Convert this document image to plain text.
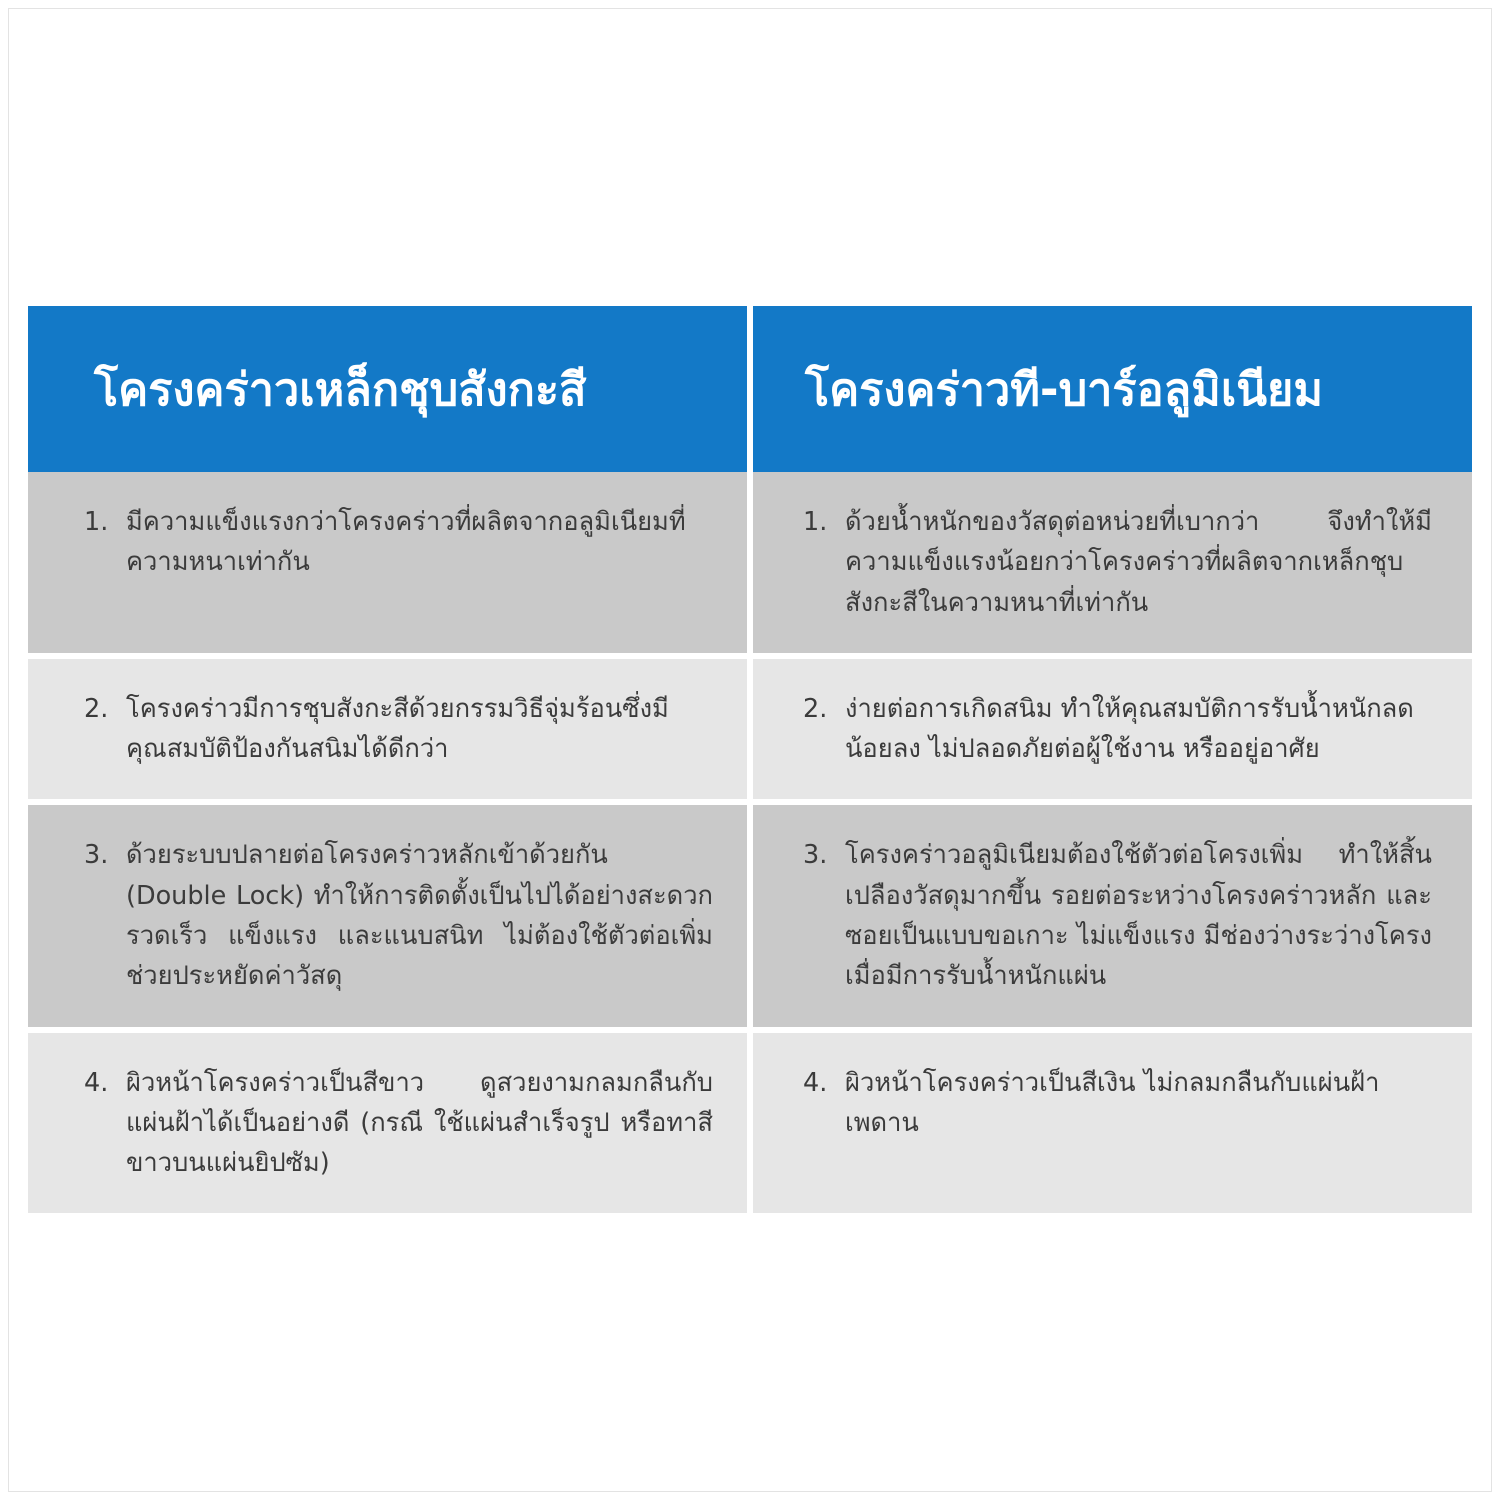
โครงคร่าวเหล็กชุบสังกะสี	โครงคร่าวที-บาร์อลูมิเนียม

1. มีความแข็งแรงกว่าโครงคร่าวที่ผลิตจากอลูมิเนียมที่ความหนาเท่ากัน	1. ด้วยน้ำหนักของวัสดุต่อหน่วยที่เบากว่า จึงทำให้มีความแข็งแรงน้อยกว่าโครงคร่าวที่ผลิตจากเหล็กชุบสังกะสีในความหนาที่เท่ากัน

2. โครงคร่าวมีการชุบสังกะสีด้วยกรรมวิธีจุ่มร้อนซึ่งมีคุณสมบัติป้องกันสนิมได้ดีกว่า	2. ง่ายต่อการเกิดสนิม ทำให้คุณสมบัติการรับน้ำหนักลดน้อยลง ไม่ปลอดภัยต่อผู้ใช้งาน หรืออยู่อาศัย

3. ด้วยระบบปลายต่อโครงคร่าวหลักเข้าด้วยกัน (Double Lock) ทำให้การติดตั้งเป็นไปได้อย่างสะดวกรวดเร็ว แข็งแรง และแนบสนิท ไม่ต้องใช้ตัวต่อเพิ่ม ช่วยประหยัดค่าวัสดุ	3. โครงคร่าวอลูมิเนียมต้องใช้ตัวต่อโครงเพิ่ม ทำให้สิ้นเปลืองวัสดุมากขึ้น รอยต่อระหว่างโครงคร่าวหลัก และซอยเป็นแบบขอเกาะ ไม่แข็งแรง มีช่องว่างระว่างโครงเมื่อมีการรับน้ำหนักแผ่น

4. ผิวหน้าโครงคร่าวเป็นสีขาว ดูสวยงามกลมกลืนกับแผ่นฝ้าได้เป็นอย่างดี (กรณี ใช้แผ่นสำเร็จรูป หรือทาสีขาวบนแผ่นยิปซัม)	4. ผิวหน้าโครงคร่าวเป็นสีเงิน ไม่กลมกลืนกับแผ่นฝ้าเพดาน
